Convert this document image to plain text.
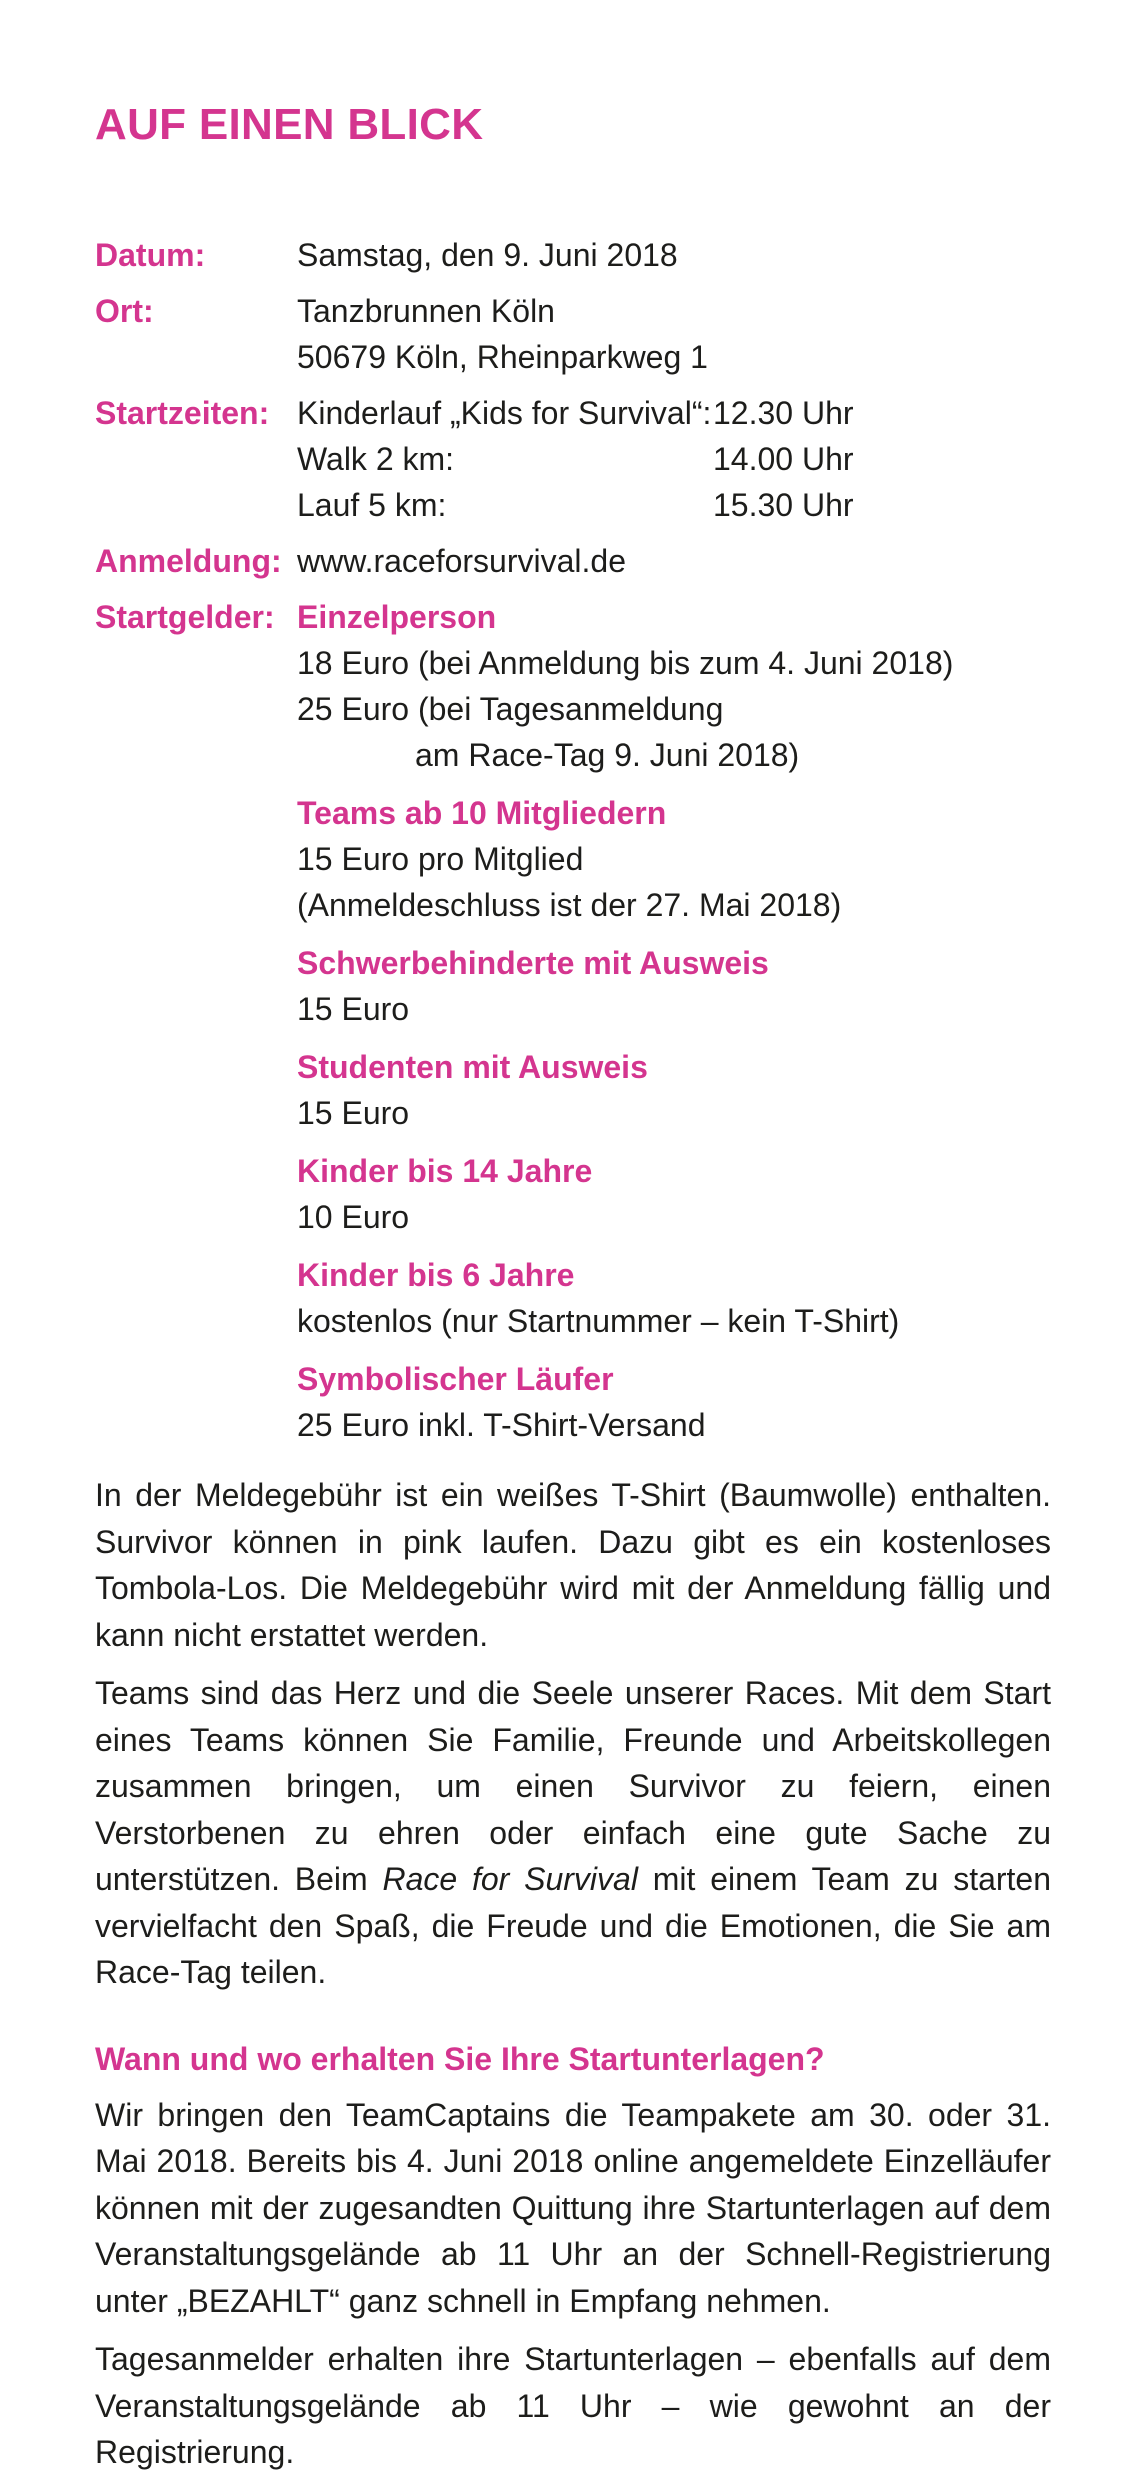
AUF EINEN BLICK
Datum:	Samstag, den 9. Juni 2018
Ort:	Tanzbrunnen Köln
50679 Köln, Rheinparkweg 1
Startzeiten: Kinderlauf „Kids for Survival“: 12.30 Uhr
Walk 2 km:	14.00 Uhr
Lauf 5 km:	15.30 Uhr
Anmeldung: www.raceforsurvival.de
Startgelder: Einzelperson
18 Euro (bei Anmeldung bis zum 4. Juni 2018)
25 Euro (bei Tagesanmeldung
am Race-Tag 9. Juni 2018)
Teams ab 10 Mitgliedern
15 Euro pro Mitglied
(Anmeldeschluss ist der 27. Mai 2018)
Schwerbehinderte mit Ausweis
15 Euro
Studenten mit Ausweis
15 Euro
Kinder bis 14 Jahre
10 Euro
Kinder bis 6 Jahre
kostenlos (nur Startnummer – kein T-Shirt)
Symbolischer Läufer
25 Euro inkl. T-Shirt-Versand

In der Meldegebühr ist ein weißes T-Shirt (Baumwolle) enthalten. Survivor können in pink laufen. Dazu gibt es ein kostenloses Tombola-Los. Die Meldegebühr wird mit der Anmeldung fällig und kann nicht erstattet werden.

Teams sind das Herz und die Seele unserer Races. Mit dem Start eines Teams können Sie Familie, Freunde und Arbeitskollegen zusammen bringen, um einen Survivor zu feiern, einen Verstorbenen zu ehren oder einfach eine gute Sache zu unterstützen. Beim Race for Survival mit einem Team zu starten vervielfacht den Spaß, die Freude und die Emotionen, die Sie am Race-Tag teilen.

Wann und wo erhalten Sie Ihre Startunterlagen?

Wir bringen den TeamCaptains die Teampakete am 30. oder 31. Mai 2018. Bereits bis 4. Juni 2018 online angemeldete Einzelläufer können mit der zugesandten Quittung ihre Startunterlagen auf dem Veranstaltungsgelände ab 11 Uhr an der Schnell-Registrierung unter „BEZAHLT“ ganz schnell in Empfang nehmen.

Tagesanmelder erhalten ihre Startunterlagen – ebenfalls auf dem Veranstaltungsgelände ab 11 Uhr – wie gewohnt an der Registrierung.
